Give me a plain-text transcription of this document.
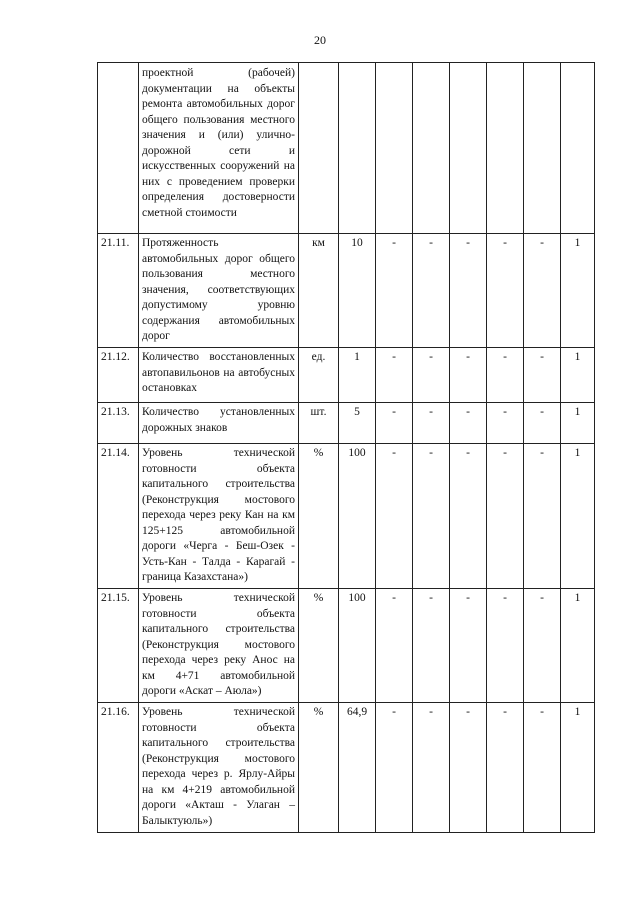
20
	проектной (рабочей) документации на объекты ремонта автомобильных дорог общего пользования местного значения и (или) улично-дорожной сети и искусственных сооружений на них с проведением проверки определения достоверности сметной стоимости								
21.11.	Протяженность автомобильных дорог общего пользования местного значения, соответствующих допустимому уровню содержания автомобильных дорог	км	10	-	-	-	-	-	1
21.12.	Количество восстановленных автопавильонов на автобусных остановках	ед.	1	-	-	-	-	-	1
21.13.	Количество установленных дорожных знаков	шт.	5	-	-	-	-	-	1
21.14.	Уровень технической готовности объекта капитального строительства (Реконструкция мостового перехода через реку Кан на км 125+125 автомобильной дороги «Черга - Беш-Озек - Усть-Кан - Талда - Карагай - граница Казахстана»)	%	100	-	-	-	-	-	1
21.15.	Уровень технической готовности объекта капитального строительства (Реконструкция мостового перехода через реку Анос на км 4+71 автомобильной дороги «Аскат – Аюла»)	%	100	-	-	-	-	-	1
21.16.	Уровень технической готовности объекта капитального строительства (Реконструкция мостового перехода через р. Ярлу-Айры на км 4+219 автомобильной дороги «Акташ - Улаган – Балыктуюль»)	%	64,9	-	-	-	-	-	1
